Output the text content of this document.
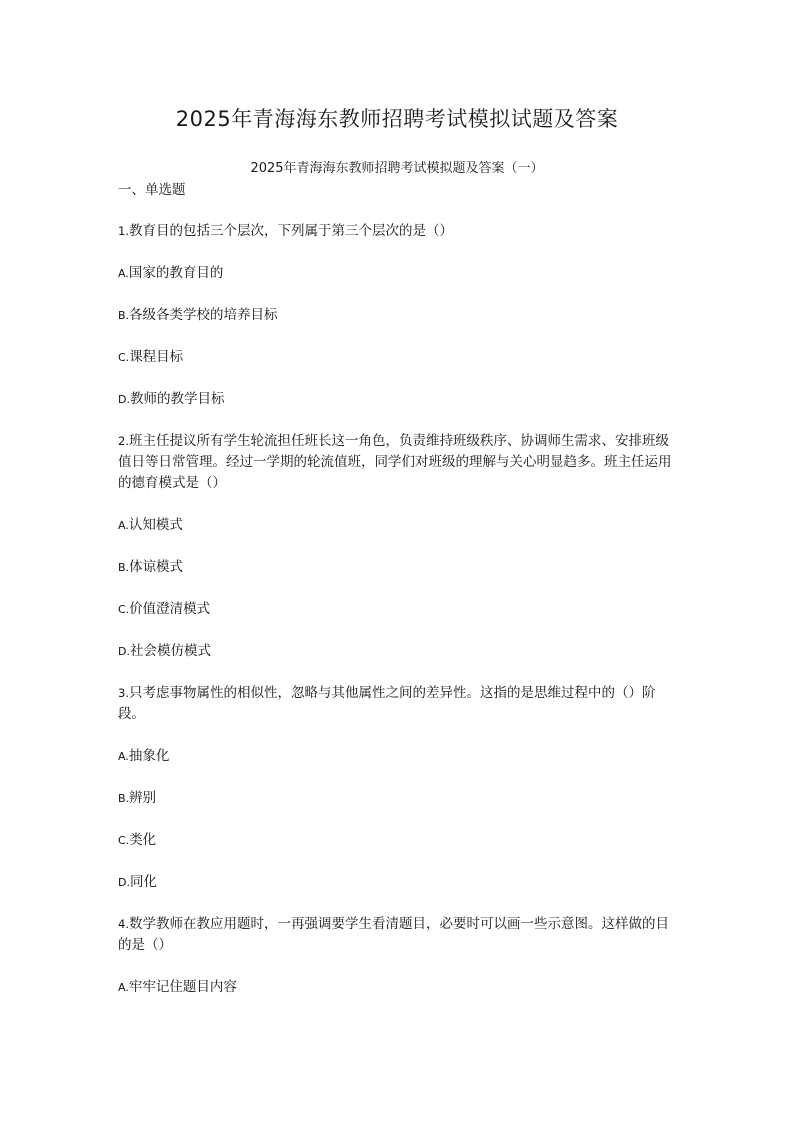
2025年青海海东教师招聘考试模拟试题及答案
2025年青海海东教师招聘考试模拟题及答案（一）
一、单选题
1.教育目的包括三个层次，下列属于第三个层次的是（）
A.国家的教育目的
B.各级各类学校的培养目标
C.课程目标
D.教师的教学目标
2.班主任提议所有学生轮流担任班长这一角色，负责维持班级秩序、协调师生需求、安排班级值日等日常管理。经过一学期的轮流值班，同学们对班级的理解与关心明显趋多。班主任运用的德育模式是（）
A.认知模式
B.体谅模式
C.价值澄清模式
D.社会模仿模式
3.只考虑事物属性的相似性，忽略与其他属性之间的差异性。这指的是思维过程中的（）阶段。
A.抽象化
B.辨别
C.类化
D.同化
4.数学教师在教应用题时，一再强调要学生看清题目，必要时可以画一些示意图。这样做的目的是（）
A.牢牢记住题目内容
